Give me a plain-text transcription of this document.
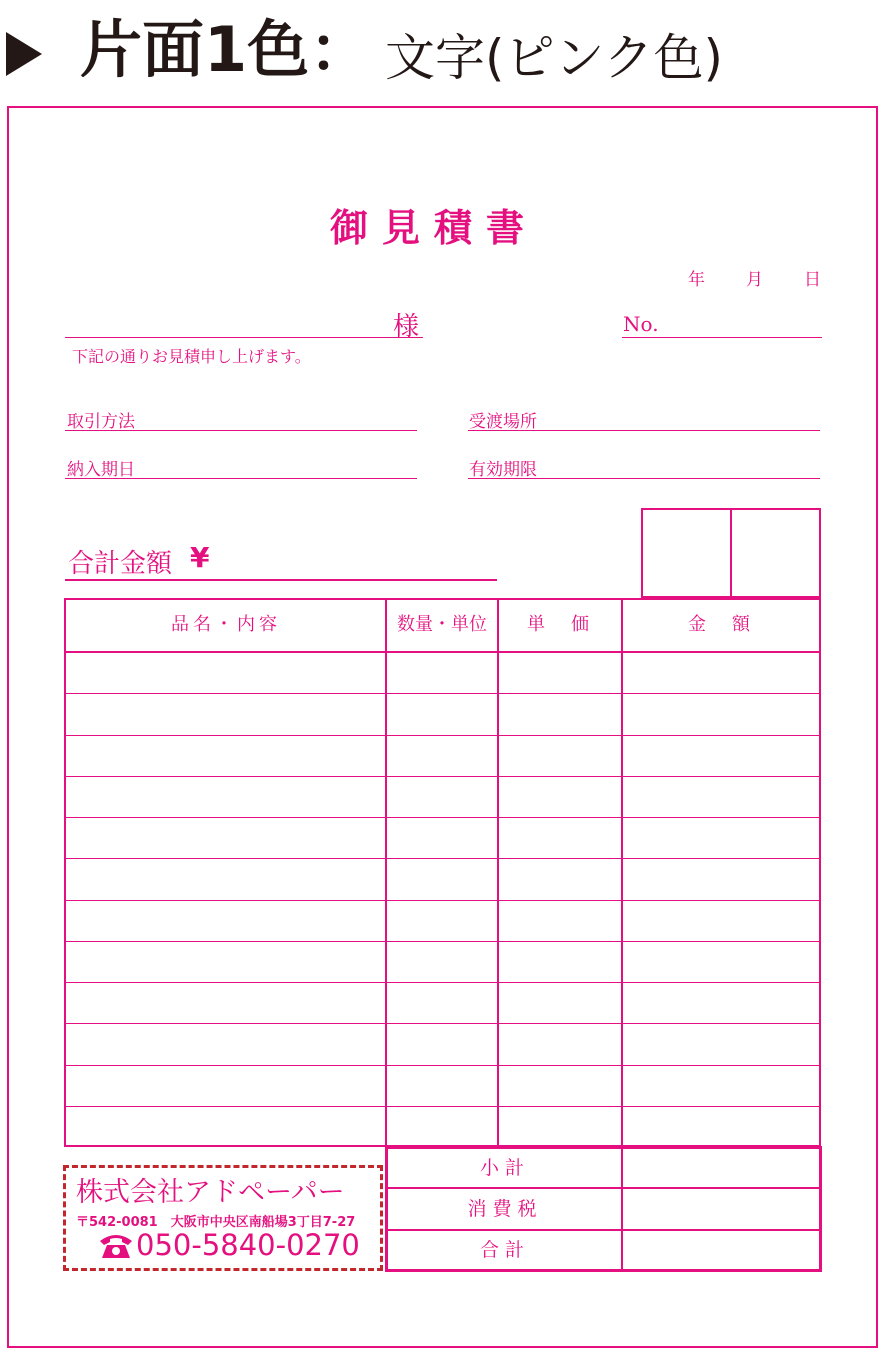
片面1色： 文字(ピンク色)
御見積書
年 月 日
様	No.
下記の通りお見積申し上げます。
取引方法	受渡場所
納入期日	有効期限
合計金額 ¥
品名・内容	数量・単位	単　価	金　額
小計
消費税
合計
株式会社アドペーパー
〒542-0081　大阪市中央区南船場3丁目7-27
050-5840-0270
